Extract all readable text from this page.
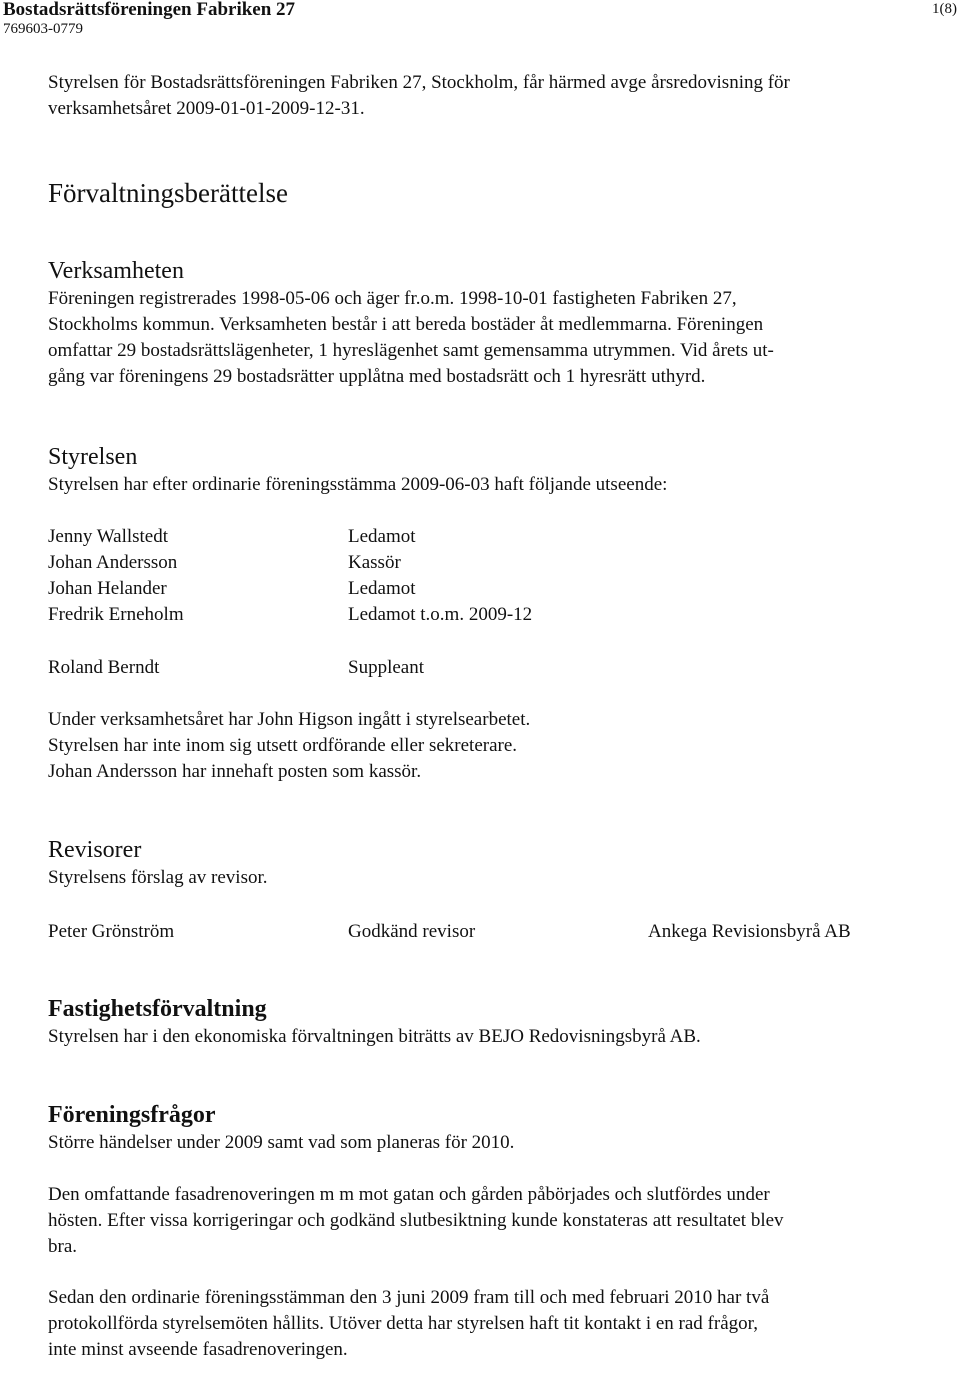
Bostadsrättsföreningen Fabriken 27
769603-0779
1(8)

Styrelsen för Bostadsrättsföreningen Fabriken 27, Stockholm, får härmed avge årsredovisning för verksamhetsåret 2009-01-01-2009-12-31.

Förvaltningsberättelse
Verksamheten

Föreningen registrerades 1998-05-06 och äger fr.o.m. 1998-10-01 fastigheten Fabriken 27,

Stockholms kommun. Verksamheten består i att bereda bostäder åt medlemmarna. Föreningen

omfattar 29 bostadsrättslägenheter, 1 hyreslägenhet samt gemensamma utrymmen. Vid årets ut-

gång var föreningens 29 bostadsrätter upplåtna med bostadsrätt och 1 hyresrätt uthyrd.

Styrelsen

Styrelsen har efter ordinarie föreningsstämma 2009-06-03 haft följande utseende:

Jenny Wallstedt	Ledamot
Johan Andersson	Kassör
Johan Helander	Ledamot
Fredrik Erneholm	Ledamot t.o.m. 2009-12
Roland Berndt	Suppleant

Under verksamhetsåret har John Higson ingått i styrelsearbetet.

Styrelsen har inte inom sig utsett ordförande eller sekreterare.

Johan Andersson har innehaft posten som kassör.

Revisorer

Styrelsens förslag av revisor.

Peter Grönström	Godkänd revisor	Ankega Revisionsbyrå AB
Fastighetsförvaltning

Styrelsen har i den ekonomiska förvaltningen biträtts av BEJO Redovisningsbyrå AB.

Föreningsfrågor

Större händelser under 2009 samt vad som planeras för 2010.

Den omfattande fasadrenoveringen m m mot gatan och gården påbörjades och slutfördes under

hösten. Efter vissa korrigeringar och godkänd slutbesiktning kunde konstateras att resultatet blev

bra.

Sedan den ordinarie föreningsstämman den 3 juni 2009 fram till och med februari 2010 har två

protokollförda styrelsemöten hållits. Utöver detta har styrelsen haft tit kontakt i en rad frågor,

inte minst avseende fasadrenoveringen.
